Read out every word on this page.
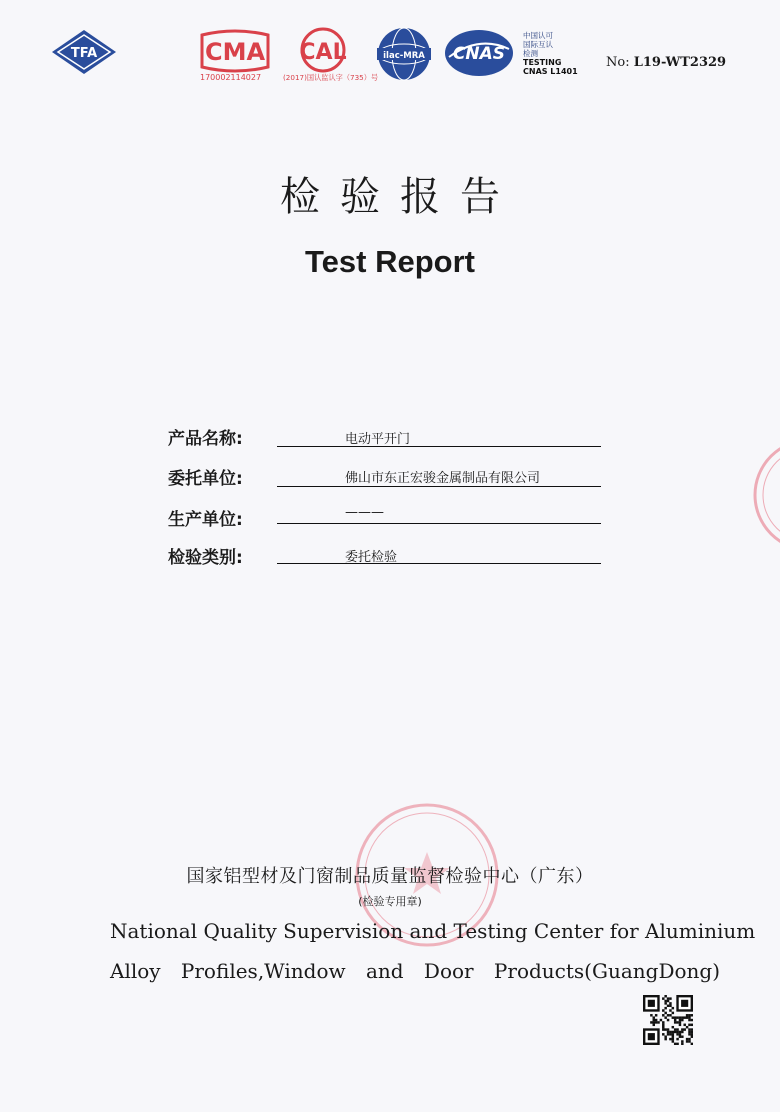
TFA	CMA
170002114027
CAL
(2017)国认监认字（735）号
ilac-MRA CNAS
中国认可
国际互认
检测
TESTING
CNAS L1401
No: L19-WT2329
检验报告
Test Report
产品名称:	电动平开门
委托单位:	佛山市东正宏骏金属制品有限公司
生产单位:	———
检验类别:	委托检验
国家铝型材及门窗制品质量监督检验中心（广东）
(检验专用章)
National Quality Supervision and Testing Center for Aluminium
Alloy Profiles,Window and Door Products(GuangDong)
